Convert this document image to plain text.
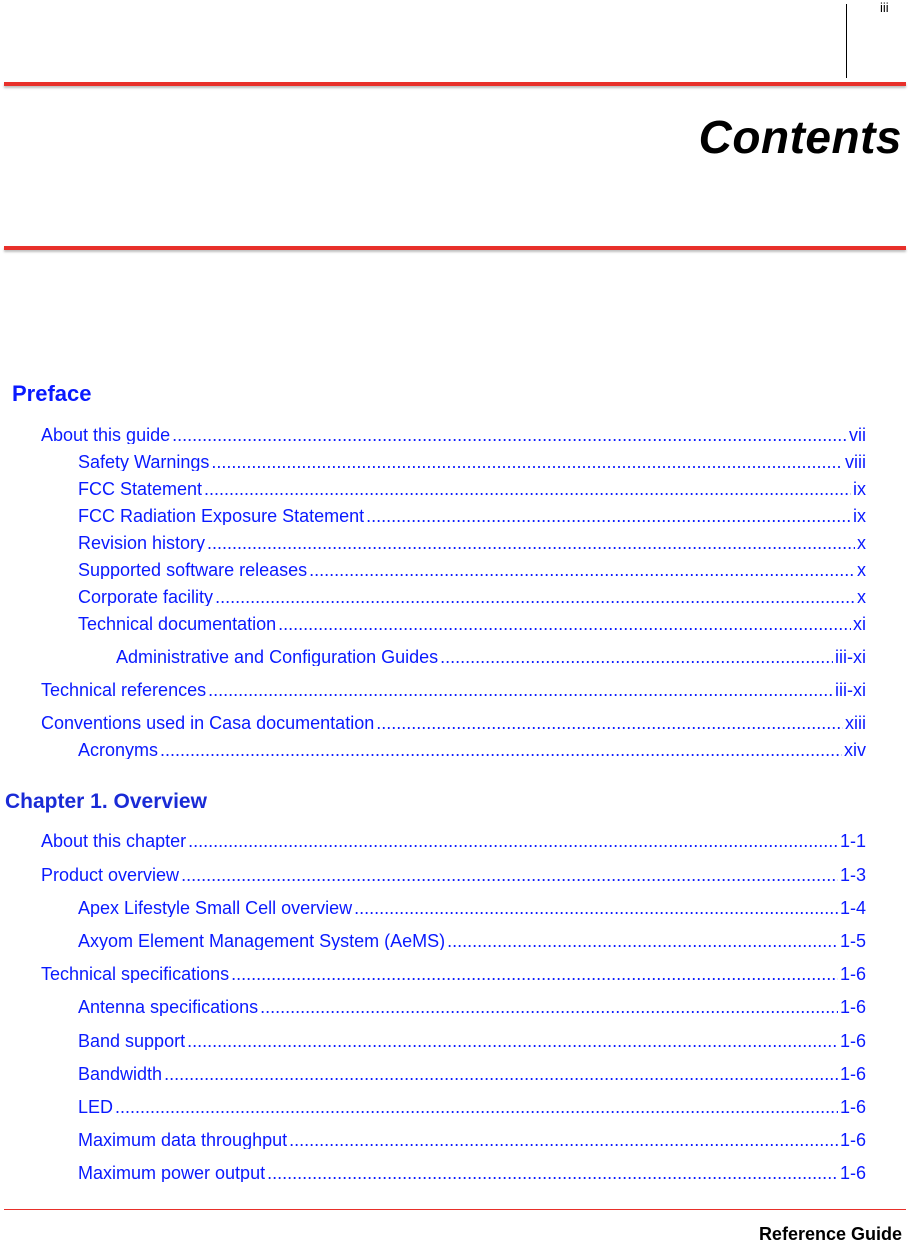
iii
Contents
Preface
About this guide .....	vii
Safety Warnings .....	viii
FCC Statement .....	ix
FCC Radiation Exposure Statement .....	ix
Revision history .....	x
Supported software releases .....	x
Corporate facility .....	x
Technical documentation .....	xi
Administrative and Configuration Guides .....	iii-xi
Technical references .....	iii-xi
Conventions used in Casa documentation .....	xiii
Acronyms .....	xiv
Chapter 1. Overview
About this chapter .....	1-1
Product overview .....	1-3
Apex Lifestyle Small Cell overview .....	1-4
Axyom Element Management System (AeMS) .....	1-5
Technical specifications .....	1-6
Antenna specifications .....	1-6
Band support .....	1-6
Bandwidth .....	1-6
LED .....	1-6
Maximum data throughput .....	1-6
Maximum power output .....	1-6

Reference Guide
